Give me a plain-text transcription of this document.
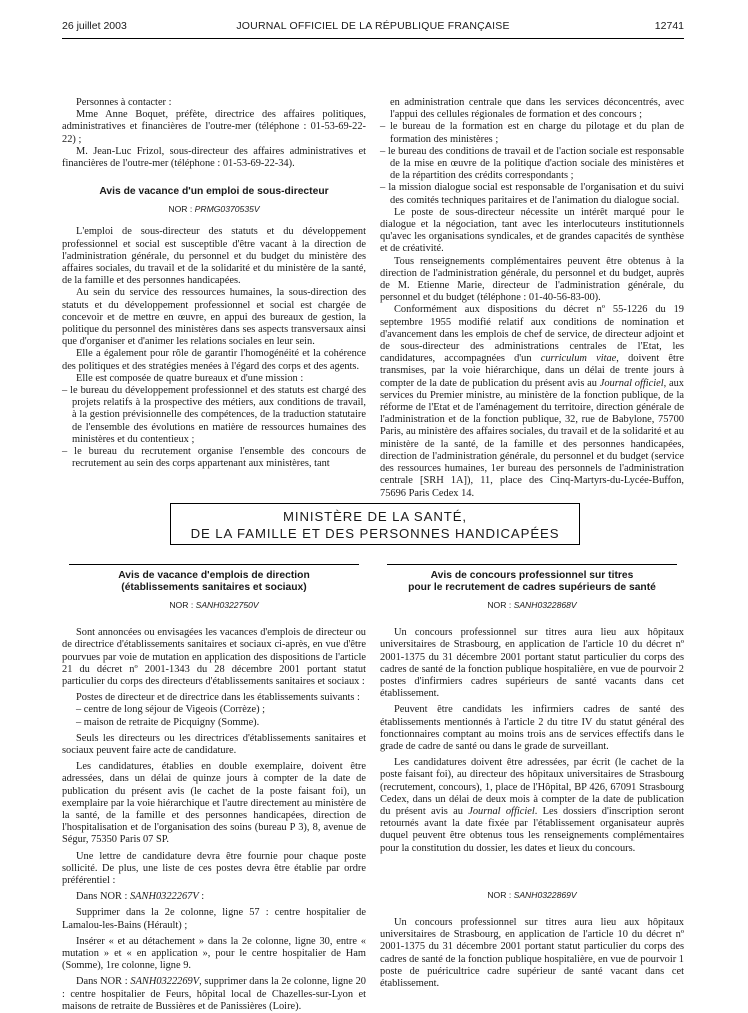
26 juillet 2003	JOURNAL OFFICIEL DE LA RÉPUBLIQUE FRANÇAISE	12741

Personnes à contacter :

Mme Anne Boquet, préfète, directrice des affaires politiques, administratives et financières de l'outre-mer (téléphone : 01-53-69-22-22) ;

M. Jean-Luc Frizol, sous-directeur des affaires administratives et financières de l'outre-mer (téléphone : 01-53-69-22-34).

Avis de vacance d'un emploi de sous-directeur

NOR : PRMG0370535V

L'emploi de sous-directeur des statuts et du développement professionnel et social est susceptible d'être vacant à la direction de l'administration générale, du personnel et du budget du ministère des affaires sociales, du travail et de la solidarité et du ministère de la santé, de la famille et des personnes handicapées.

Au sein du service des ressources humaines, la sous-direction des statuts et du développement professionnel et social est chargée de concevoir et de mettre en œuvre, en appui des bureaux de gestion, la politique du personnel des ministères dans ses aspects transversaux ainsi que d'organiser et d'animer les relations sociales en leur sein.

Elle a également pour rôle de garantir l'homogénéité et la cohérence des politiques et des stratégies menées à l'égard des corps et des agents.

Elle est composée de quatre bureaux et d'une mission :

– le bureau du développement professionnel et des statuts est chargé des projets relatifs à la prospective des métiers, aux conditions de travail, à la gestion prévisionnelle des compétences, de la traduction statutaire de l'ensemble des évolutions en matière de ressources humaines des ministères et du contentieux ;

– le bureau du recrutement organise l'ensemble des concours de recrutement au sein des corps appartenant aux ministères, tant

en administration centrale que dans les services déconcentrés, avec l'appui des cellules régionales de formation et des concours ;

– le bureau de la formation est en charge du pilotage et du plan de formation des ministères ;

– le bureau des conditions de travail et de l'action sociale est responsable de la mise en œuvre de la politique d'action sociale des ministères et de la répartition des crédits correspondants ;

– la mission dialogue social est responsable de l'organisation et du suivi des comités techniques paritaires et de l'animation du dialogue social.

Le poste de sous-directeur nécessite un intérêt marqué pour le dialogue et la négociation, tant avec les interlocuteurs institutionnels qu'avec les organisations syndicales, et de grandes capacités de synthèse et de créativité.

Tous renseignements complémentaires peuvent être obtenus à la direction de l'administration générale, du personnel et du budget, auprès de M. Etienne Marie, directeur de l'administration générale, du personnel et du budget (téléphone : 01-40-56-83-00).

Conformément aux dispositions du décret nº 55-1226 du 19 septembre 1955 modifié relatif aux conditions de nomination et d'avancement dans les emplois de chef de service, de directeur adjoint et de sous-directeur des administrations centrales de l'Etat, les candidatures, accompagnées d'un curriculum vitae, doivent être transmises, par la voie hiérarchique, dans un délai de trente jours à compter de la date de publication du présent avis au Journal officiel, aux services du Premier ministre, au ministère de la fonction publique, de la réforme de l'Etat et de l'aménagement du territoire, direction générale de l'administration et de la fonction publique, 32, rue de Babylone, 75700 Paris, au ministère des affaires sociales, du travail et de la solidarité et au ministère de la santé, de la famille et des personnes handicapées, direction de l'administration générale, du personnel et du budget (service des ressources humaines, 1er bureau des personnels de l'administration centrale [SRH 1A]), 11, place des Cinq-Martyrs-du-Lycée-Buffon, 75696 Paris Cedex 14.

MINISTÈRE DE LA SANTÉ,
DE LA FAMILLE ET DES PERSONNES HANDICAPÉES

Avis de vacance d'emplois de direction
(établissements sanitaires et sociaux)

NOR : SANH0322750V

Sont annoncées ou envisagées les vacances d'emplois de directeur ou de directrice d'établissements sanitaires et sociaux ci-après, en vue d'être pourvues par voie de mutation en application des dispositions de l'article 21 du décret nº 2001-1343 du 28 décembre 2001 portant statut particulier du corps des directeurs d'établissements sanitaires et sociaux :

Postes de directeur et de directrice dans les établissements suivants :

– centre de long séjour de Vigeois (Corrèze) ;

– maison de retraite de Picquigny (Somme).

Seuls les directeurs ou les directrices d'établissements sanitaires et sociaux peuvent faire acte de candidature.

Les candidatures, établies en double exemplaire, doivent être adressées, dans un délai de quinze jours à compter de la date de publication du présent avis (le cachet de la poste faisant foi), un exemplaire par la voie hiérarchique et l'autre directement au ministère de la santé, de la famille et des personnes handicapées, direction de l'hospitalisation et de l'organisation des soins (bureau P 3), 8, avenue de Ségur, 75350 Paris 07 SP.

Une lettre de candidature devra être fournie pour chaque poste sollicité. De plus, une liste de ces postes devra être établie par ordre préférentiel :

Dans NOR : SANH0322267V :

Supprimer dans la 2e colonne, ligne 57 : centre hospitalier de Lamalou-les-Bains (Hérault) ;

Insérer « et au détachement » dans la 2e colonne, ligne 30, entre « mutation » et « en application », pour le centre hospitalier de Ham (Somme), 1re colonne, ligne 9.

Dans NOR : SANH0322269V, supprimer dans la 2e colonne, ligne 20 : centre hospitalier de Feurs, hôpital local de Chazelles-sur-Lyon et maisons de retraite de Bussières et de Panissières (Loire).

Avis de concours professionnel sur titres
pour le recrutement de cadres supérieurs de santé

NOR : SANH0322868V

Un concours professionnel sur titres aura lieu aux hôpitaux universitaires de Strasbourg, en application de l'article 10 du décret nº 2001-1375 du 31 décembre 2001 portant statut particulier du corps des cadres de santé de la fonction publique hospitalière, en vue de pourvoir 2 postes d'infirmiers cadres supérieurs de santé vacants dans cet établissement.

Peuvent être candidats les infirmiers cadres de santé des établissements mentionnés à l'article 2 du titre IV du statut général des fonctionnaires comptant au moins trois ans de services effectifs dans le grade de cadre de santé ou dans le grade de surveillant.

Les candidatures doivent être adressées, par écrit (le cachet de la poste faisant foi), au directeur des hôpitaux universitaires de Strasbourg (recrutement, concours), 1, place de l'Hôpital, BP 426, 67091 Strasbourg Cedex, dans un délai de deux mois à compter de la date de publication du présent avis au Journal officiel. Les dossiers d'inscription seront retournés avant la date fixée par l'établissement organisateur auprès duquel peuvent être obtenus tous les renseignements complémentaires pour la constitution du dossier, les dates et lieux du concours.

NOR : SANH0322869V

Un concours professionnel sur titres aura lieu aux hôpitaux universitaires de Strasbourg, en application de l'article 10 du décret nº 2001-1375 du 31 décembre 2001 portant statut particulier du corps des cadres de santé de la fonction publique hospitalière, en vue de pourvoir 1 poste de puéricultrice cadre supérieur de santé vacant dans cet établissement.
